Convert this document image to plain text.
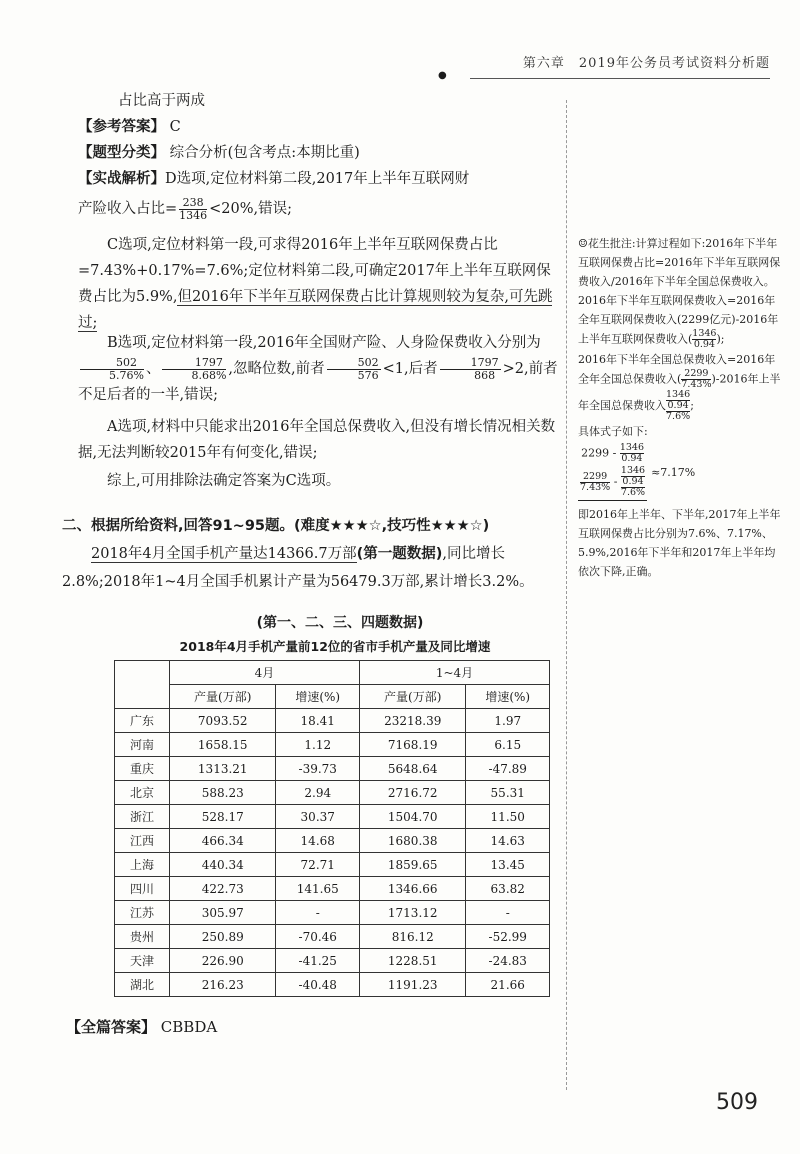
第六章　2019年公务员考试资料分析题
●
占比高于两成
【参考答案】 C
【题型分类】 综合分析(包含考点:本期比重)

【实战解析】D选项,定位材料第二段,2017年上半年互联网财

产险收入占比= $\frac{238}{1346} <20\%$,错误;

C选项,定位材料第一段,可求得2016年上半年互联网保费占比=7.43%+0.17%=7.6%;定位材料第二段,可确定2017年上半年互联网保费占比为5.9%,但2016年下半年互联网保费占比计算规则较为复杂,可先跳过;

B选项,定位材料第一段,2016年全国财产险、人身险保费收入分别为
$\frac{502}{5.76\%}$ 、 $\frac{1797}{8.68\%}$ ,忽略位数,前者 $\frac{502}{576} <1$,后者 $\frac{1797}{868} >2$,前者不足后者的一半,错误;

A选项,材料中只能求出2016年全国总保费收入,但没有增长情况相关数据,无法判断较2015年有何变化,错误;

综上,可用排除法确定答案为C选项。

二、根据所给资料,回答91~95题。(难度★★★☆,技巧性★★★☆)

2018年4月全国手机产量达14366.7万部(第一题数据),同比增长2.8%;2018年1~4月全国手机累计产量为56479.3万部,累计增长3.2%。

(第一、二、三、四题数据)
2018年4月手机产量前12位的省市手机产量及同比增速
	4月		1~4月	
	产量(万部)	增速(%)	产量(万部)	增速(%)
广东	7093.52	18.41	23218.39	1.97
河南	1658.15	1.12	7168.19	6.15
重庆	1313.21	-39.73	5648.64	-47.89
北京	588.23	2.94	2716.72	55.31
浙江	528.17	30.37	1504.70	11.50
江西	466.34	14.68	1680.38	14.63
上海	440.34	72.71	1859.65	13.45
四川	422.73	141.65	1346.66	63.82
江苏	305.97	-	1713.12	-
贵州	250.89	-70.46	816.12	-52.99
天津	226.90	-41.25	1228.51	-24.83
湖北	216.23	-40.48	1191.23	21.66
【全篇答案】 CBBDA

☺花生批注:计算过程如下:2016年下半年互联网保费占比=2016年下半年互联网保费收入/2016年下半年全国总保费收入。

2016年下半年互联网保费收入=2016年全年互联网保费收入(2299亿元)-2016年上半年互联网保费收入( $\frac{1346}{0.94}$ );

2016年下半年全国总保费收入=2016年全年全国总保费收入( $\frac{2299}{7.43\%} )-2016$年上半年全国总保费收入
1346
0.94
7.6%
;

具体式子如下:

$2299 - \frac{1346}{0.94}$
$\frac{2299}{7.43\%}$ -
1346
0.94
7.6%
≈7.17%

即2016年上半年、下半年,2017年上半年互联网保费占比分别为7.6%、7.17%、5.9%,2016年下半年和2017年上半年均依次下降,正确。

509
